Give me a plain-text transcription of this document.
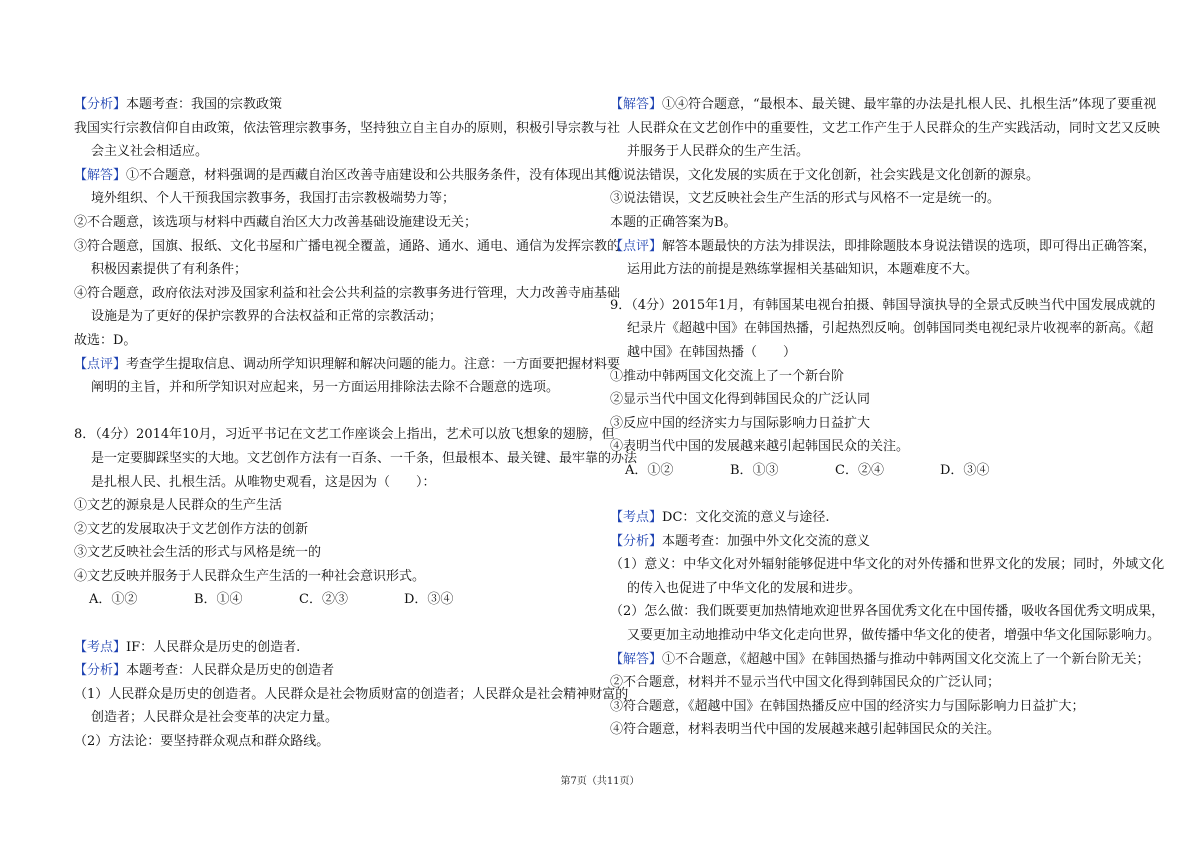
【分析】本题考查：我国的宗教政策
我国实行宗教信仰自由政策，依法管理宗教事务，坚持独立自主自办的原则，积极引导宗教与社
会主义社会相适应。
【解答】①不合题意，材料强调的是西藏自治区改善寺庙建设和公共服务条件，没有体现出其他
境外组织、个人干预我国宗教事务，我国打击宗教极端势力等；
②不合题意，该选项与材料中西藏自治区大力改善基础设施建设无关；
③符合题意，国旗、报纸、文化书屋和广播电视全覆盖，通路、通水、通电、通信为发挥宗教的
积极因素提供了有利条件；
④符合题意，政府依法对涉及国家利益和社会公共利益的宗教事务进行管理，大力改善寺庙基础
设施是为了更好的保护宗教界的合法权益和正常的宗教活动；
故选：D。
【点评】考查学生提取信息、调动所学知识理解和解决问题的能力。注意：一方面要把握材料要
阐明的主旨，并和所学知识对应起来，另一方面运用排除法去除不合题意的选项。
8．（4分）2014年10月，习近平书记在文艺工作座谈会上指出，艺术可以放飞想象的翅膀，但
是一定要脚踩坚实的大地。文艺创作方法有一百条、一千条，但最根本、最关键、最牢靠的办法
是扎根人民、扎根生活。从唯物史观看，这是因为（　　）：
①文艺的源泉是人民群众的生产生活
②文艺的发展取决于文艺创作方法的创新
③文艺反映社会生活的形式与风格是统一的
④文艺反映并服务于人民群众生产生活的一种社会意识形式。
A．①②	B．①④	C．②③	D．③④
【考点】IF：人民群众是历史的创造者.
【分析】本题考查：人民群众是历史的创造者
（1）人民群众是历史的创造者。人民群众是社会物质财富的创造者；人民群众是社会精神财富的
创造者；人民群众是社会变革的决定力量。
（2）方法论：要坚持群众观点和群众路线。
【解答】①④符合题意，“最根本、最关键、最牢靠的办法是扎根人民、扎根生活”体现了要重视
人民群众在文艺创作中的重要性，文艺工作产生于人民群众的生产实践活动，同时文艺又反映
并服务于人民群众的生产生活。
②说法错误，文化发展的实质在于文化创新，社会实践是文化创新的源泉。
③说法错误，文艺反映社会生产生活的形式与风格不一定是统一的。
本题的正确答案为B。
【点评】解答本题最快的方法为排误法，即排除题肢本身说法错误的选项，即可得出正确答案，
运用此方法的前提是熟练掌握相关基础知识，本题难度不大。
9．（4分）2015年1月，有韩国某电视台拍摄、韩国导演执导的全景式反映当代中国发展成就的
纪录片《超越中国》在韩国热播，引起热烈反响。创韩国同类电视纪录片收视率的新高。《超
越中国》在韩国热播（　　）
①推动中韩两国文化交流上了一个新台阶
②显示当代中国文化得到韩国民众的广泛认同
③反应中国的经济实力与国际影响力日益扩大
④表明当代中国的发展越来越引起韩国民众的关注。
A．①②	B．①③	C．②④	D．③④
【考点】DC：文化交流的意义与途径.
【分析】本题考查：加强中外文化交流的意义
（1）意义：中华文化对外辐射能够促进中华文化的对外传播和世界文化的发展；同时，外域文化
的传入也促进了中华文化的发展和进步。
（2）怎么做：我们既要更加热情地欢迎世界各国优秀文化在中国传播，吸收各国优秀文明成果，
又要更加主动地推动中华文化走向世界，做传播中华文化的使者，增强中华文化国际影响力。
【解答】①不合题意，《超越中国》在韩国热播与推动中韩两国文化交流上了一个新台阶无关；
②不合题意，材料并不显示当代中国文化得到韩国民众的广泛认同；
③符合题意，《超越中国》在韩国热播反应中国的经济实力与国际影响力日益扩大；
④符合题意，材料表明当代中国的发展越来越引起韩国民众的关注。
第7页（共11页）
